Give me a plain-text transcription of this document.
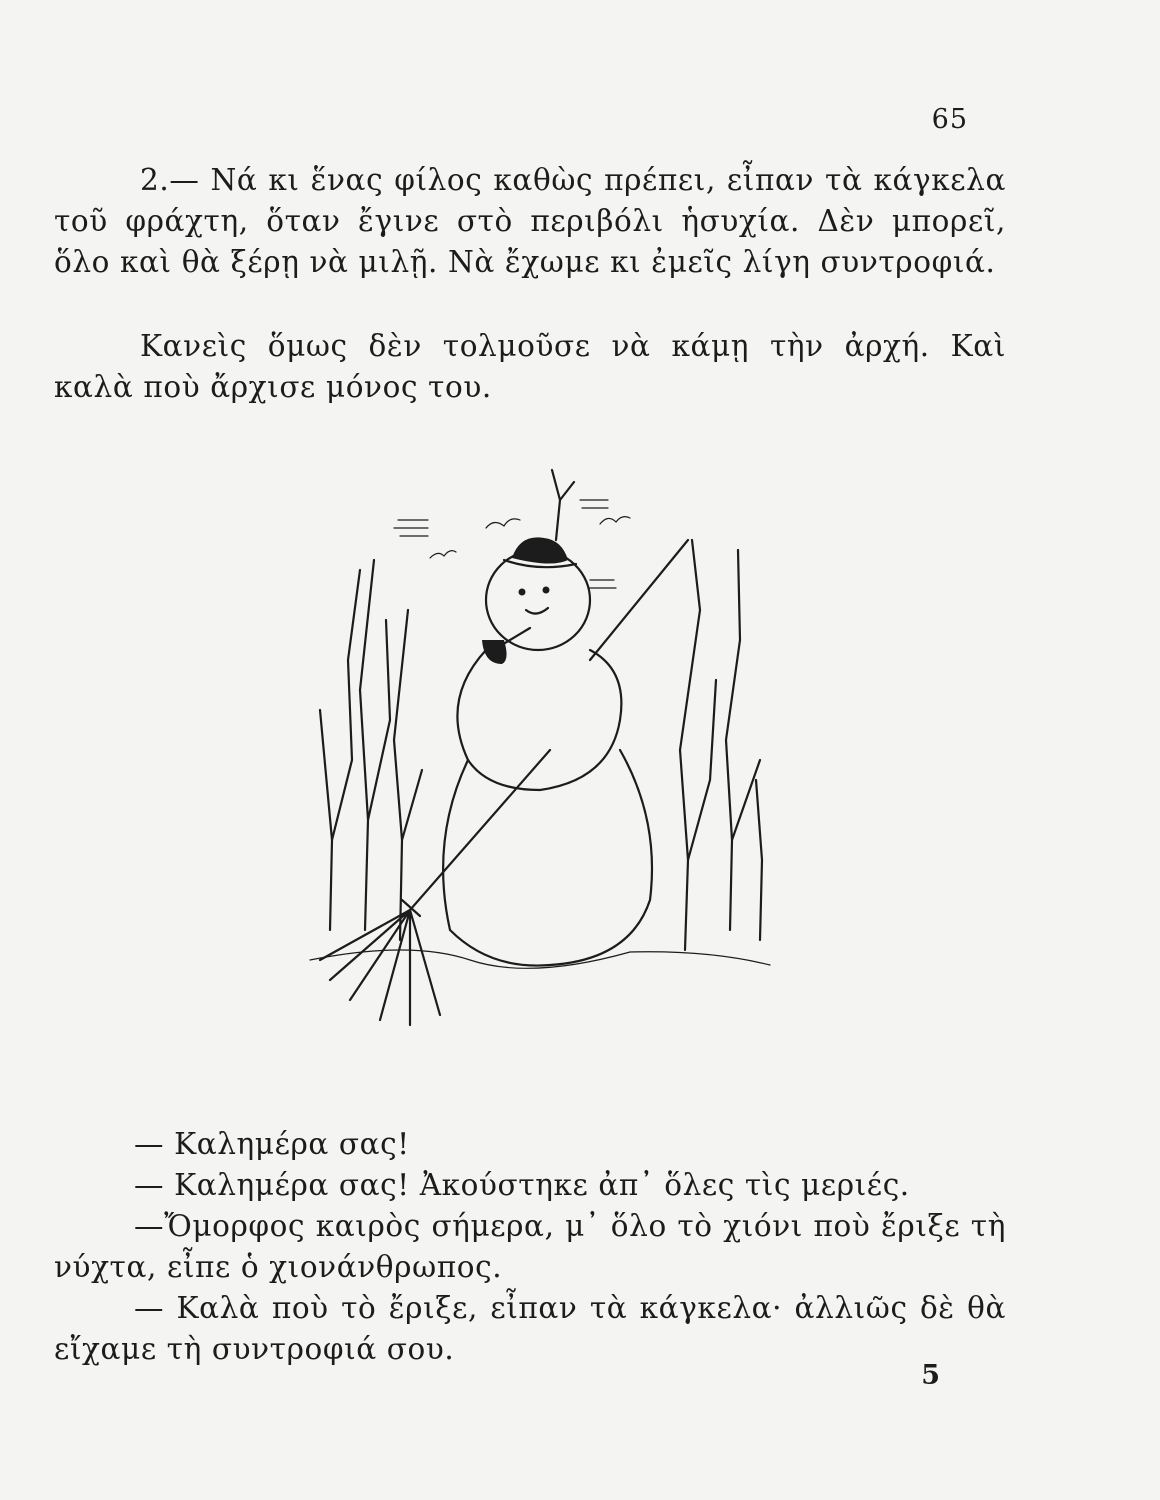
65

2.— Νά κι ἕνας φίλος καθὼς πρέπει, εἶπαν τὰ κάγκελα τοῦ φράχτη, ὅταν ἔγινε στὸ περιβόλι ἡσυχία. Δὲν μπορεῖ, ὅλο καὶ θὰ ξέρῃ νὰ μιλῇ. Νὰ ἔχωμε κι ἐμεῖς λίγη συντροφιά.

Κανεὶς ὅμως δὲν τολμοῦσε νὰ κάμῃ τὴν ἀρχή. Καὶ καλὰ ποὺ ἄρχισε μόνος του.

— Καλημέρα σας!

— Καλημέρα σας! Ἀκούστηκε ἀπ᾽ ὅλες τὶς μεριές.

—Ὄμορφος καιρὸς σήμερα, μ᾽ ὅλο τὸ χιόνι ποὺ ἔριξε τὴ νύχτα, εἶπε ὁ χιονάνθρωπος.

— Καλὰ ποὺ τὸ ἔριξε, εἶπαν τὰ κάγκελα· ἀλλιῶς δὲ θὰ εἴχαμε τὴ συντροφιά σου.

5
